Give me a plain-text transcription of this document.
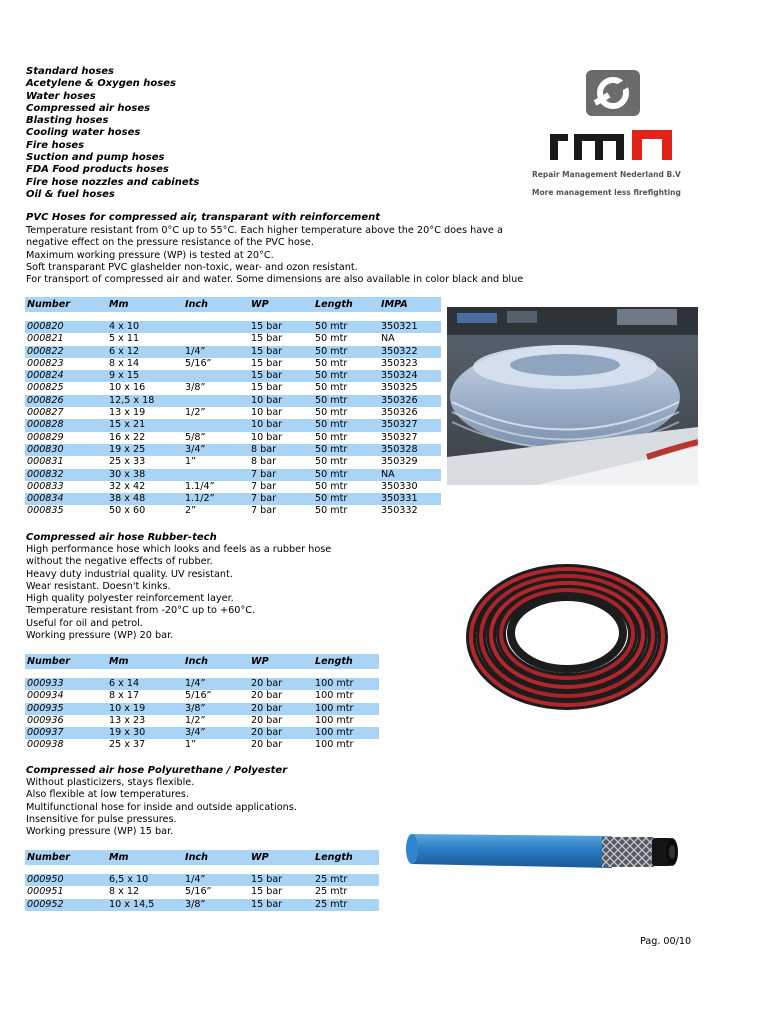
Standard hoses
Acetylene & Oxygen hoses
Water hoses
Compressed air hoses
Blasting hoses
Cooling water hoses
Fire hoses
Suction and pump hoses
FDA Food products hoses
Fire hose nozzles and cabinets
Oil & fuel hoses
Repair Management Nederland B.V
More management less firefighting
PVC Hoses for compressed air, transparant with reinforcement
Temperature resistant from 0°C up to 55°C. Each higher temperature above the 20°C does have a
negative effect on the pressure resistance of the PVC hose.
Maximum working pressure (WP) is tested at 20°C.
Soft transparant PVC glashelder non-toxic, wear- and ozon resistant.
For transport of compressed air and water. Some dimensions are also available in color black and blue
Number	Mm	Inch	WP	Length	IMPA

000820	4 x 10		15 bar	50 mtr	350321
000821	5 x 11		15 bar	50 mtr	NA
000822	6 x 12	1/4”	15 bar	50 mtr	350322
000823	8 x 14	5/16”	15 bar	50 mtr	350323
000824	9 x 15		15 bar	50 mtr	350324
000825	10 x 16	3/8”	15 bar	50 mtr	350325
000826	12,5 x 18		10 bar	50 mtr	350326
000827	13 x 19	1/2”	10 bar	50 mtr	350326
000828	15 x 21		10 bar	50 mtr	350327
000829	16 x 22	5/8”	10 bar	50 mtr	350327
000830	19 x 25	3/4”	8 bar	50 mtr	350328
000831	25 x 33	1”	8 bar	50 mtr	350329
000832	30 x 38		7 bar	50 mtr	NA
000833	32 x 42	1.1/4”	7 bar	50 mtr	350330
000834	38 x 48	1.1/2”	7 bar	50 mtr	350331
000835	50 x 60	2”	7 bar	50 mtr	350332
Compressed air hose Rubber-tech
High performance hose which looks and feels as a rubber hose
without the negative effects of rubber.
Heavy duty industrial quality. UV resistant.
Wear resistant. Doesn't kinks.
High quality polyester reinforcement layer.
Temperature resistant from -20°C up to +60°C.
Useful for oil and petrol.
Working pressure (WP) 20 bar.
Number	Mm	Inch	WP	Length

000933	6 x 14	1/4”	20 bar	100 mtr
000934	8 x 17	5/16”	20 bar	100 mtr
000935	10 x 19	3/8”	20 bar	100 mtr
000936	13 x 23	1/2”	20 bar	100 mtr
000937	19 x 30	3/4”	20 bar	100 mtr
000938	25 x 37	1”	20 bar	100 mtr
Compressed air hose Polyurethane / Polyester
Without plasticizers, stays flexible.
Also flexible at low temperatures.
Multifunctional hose for inside and outside applications.
Insensitive for pulse pressures.
Working pressure (WP) 15 bar.
Number	Mm	Inch	WP	Length

000950	6,5 x 10	1/4”	15 bar	25 mtr
000951	8 x 12	5/16”	15 bar	25 mtr
000952	10 x 14,5	3/8”	15 bar	25 mtr
Pag. 00/10
